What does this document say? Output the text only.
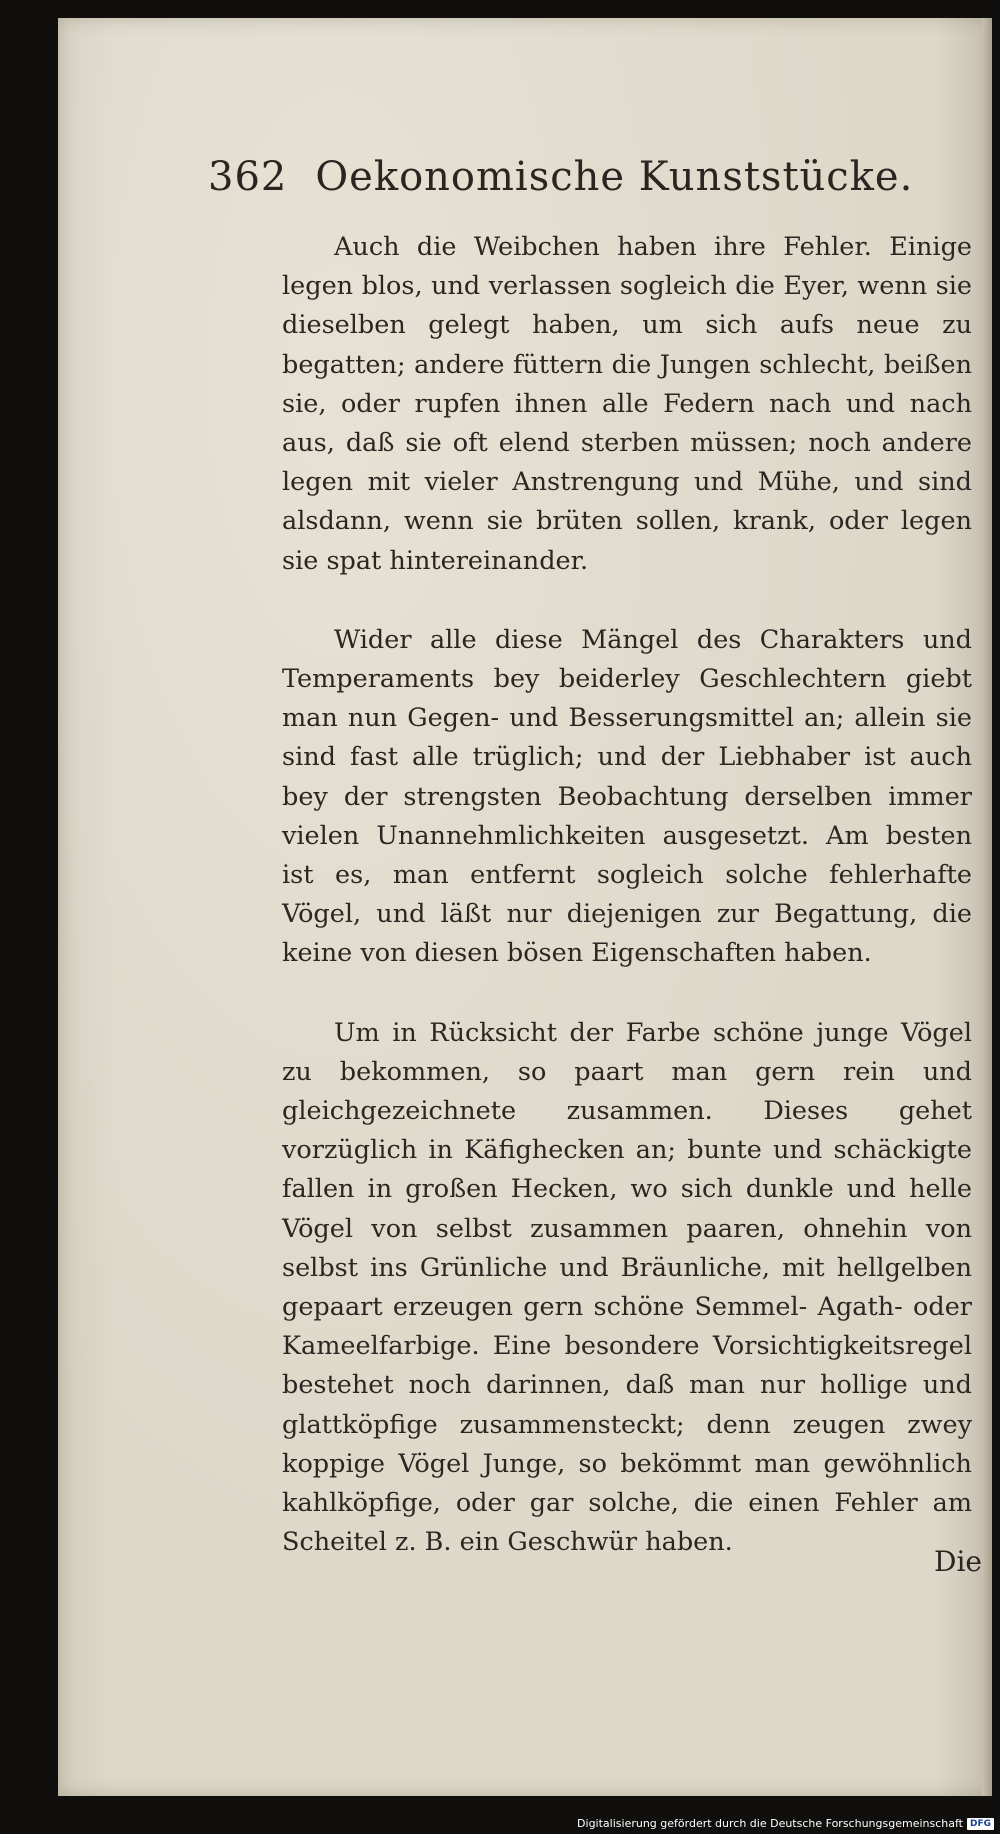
362 Oekonomische Kunststücke.

Auch die Weibchen haben ihre Fehler. Einige legen blos, und verlassen sogleich die Eyer, wenn sie dieselben gelegt haben, um sich aufs neue zu begatten; andere füttern die Jungen schlecht, beißen sie, oder rupfen ihnen alle Federn nach und nach aus, daß sie oft elend sterben müssen; noch andere legen mit vieler Anstrengung und Mühe, und sind alsdann, wenn sie brüten sollen, krank, oder legen sie spat hintereinander.

Wider alle diese Mängel des Charakters und Temperaments bey beiderley Geschlechtern giebt man nun Gegen- und Besserungsmittel an; allein sie sind fast alle trüglich; und der Liebhaber ist auch bey der strengsten Beobachtung derselben immer vielen Unannehmlichkeiten ausgesetzt. Am besten ist es, man entfernt sogleich solche fehlerhafte Vögel, und läßt nur diejenigen zur Begattung, die keine von diesen bösen Eigenschaften haben.

Um in Rücksicht der Farbe schöne junge Vögel zu bekommen, so paart man gern rein und gleichgezeichnete zusammen. Dieses gehet vorzüglich in Käfighecken an; bunte und schäckigte fallen in großen Hecken, wo sich dunkle und helle Vögel von selbst zusammen paaren, ohnehin von selbst ins Grünliche und Bräunliche, mit hellgelben gepaart erzeugen gern schöne Semmel- Agath- oder Kameelfarbige. Eine besondere Vorsichtigkeitsregel bestehet noch darinnen, daß man nur hollige und glattköpfige zusammensteckt; denn zeugen zwey koppige Vögel Junge, so bekömmt man gewöhnlich kahlköpfige, oder gar solche, die einen Fehler am Scheitel z. B. ein Geschwür haben.

Die
Digitalisierung gefördert durch die Deutsche Forschungsgemeinschaft DFG
